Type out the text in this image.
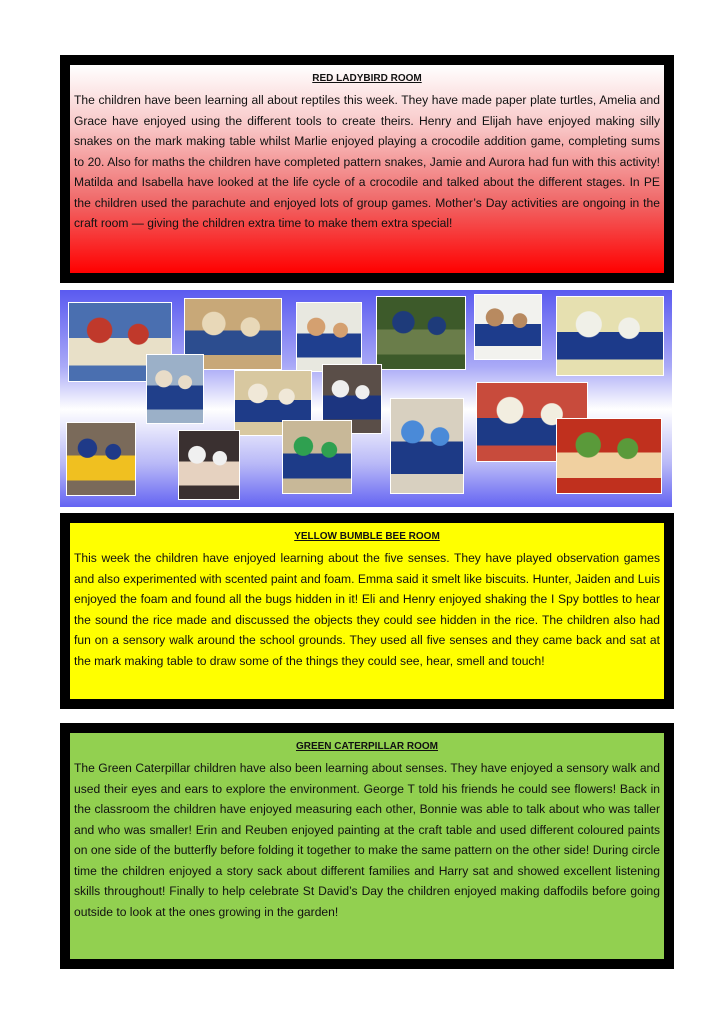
RED LADYBIRD ROOM

The children have been learning all about reptiles this week. They have made paper plate turtles, Amelia and Grace have enjoyed using the different tools to create theirs. Henry and Elijah have enjoyed making silly snakes on the mark making table whilst Marlie enjoyed playing a crocodile addition game, completing sums to 20. Also for maths the children have completed pattern snakes, Jamie and Aurora had fun with this activity! Matilda and Isabella have looked at the life cycle of a crocodile and talked about the different stages. In PE the children used the parachute and enjoyed lots of group games. Mother’s Day activities are ongoing in the craft room — giving the children extra time to make them extra special!

YELLOW BUMBLE BEE ROOM

This week the children have enjoyed learning about the five senses. They have played observation games and also experimented with scented paint and foam. Emma said it smelt like biscuits. Hunter, Jaiden and Luis enjoyed the foam and found all the bugs hidden in it! Eli and Henry enjoyed shaking the I Spy bottles to hear the sound the rice made and discussed the objects they could see hidden in the rice. The children also had fun on a sensory walk around the school grounds. They used all five senses and they came back and sat at the mark making table to draw some of the things they could see, hear, smell and touch!

GREEN CATERPILLAR ROOM

The Green Caterpillar children have also been learning about senses. They have enjoyed a sensory walk and used their eyes and ears to explore the environment. George T told his friends he could see flowers! Back in the classroom the children have enjoyed measuring each other, Bonnie was able to talk about who was taller and who was smaller! Erin and Reuben enjoyed painting at the craft table and used different coloured paints on one side of the butterfly before folding it together to make the same pattern on the other side! During circle time the children enjoyed a story sack about different families and Harry sat and showed excellent listening skills throughout! Finally to help celebrate St David’s Day the children enjoyed making daffodils before going outside to look at the ones growing in the garden!
